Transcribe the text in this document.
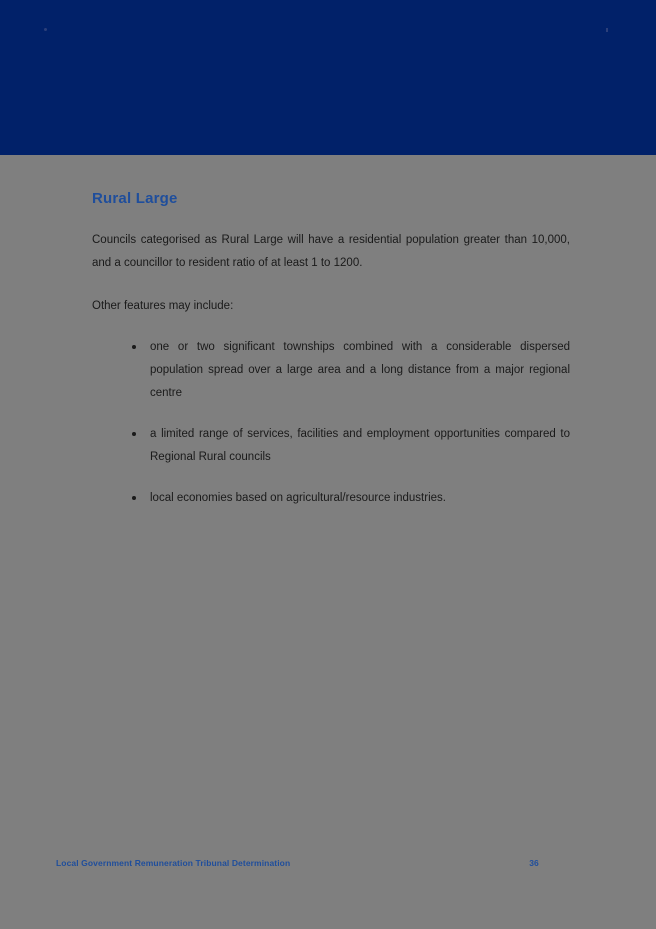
Rural Large

Councils categorised as Rural Large will have a residential population greater than 10,000, and a councillor to resident ratio of at least 1 to 1200.

Other features may include:

one or two significant townships combined with a considerable dispersed population spread over a large area and a long distance from a major regional centre
a limited range of services, facilities and employment opportunities compared to Regional Rural councils
local economies based on agricultural/resource industries.
Local Government Remuneration Tribunal Determination	36
